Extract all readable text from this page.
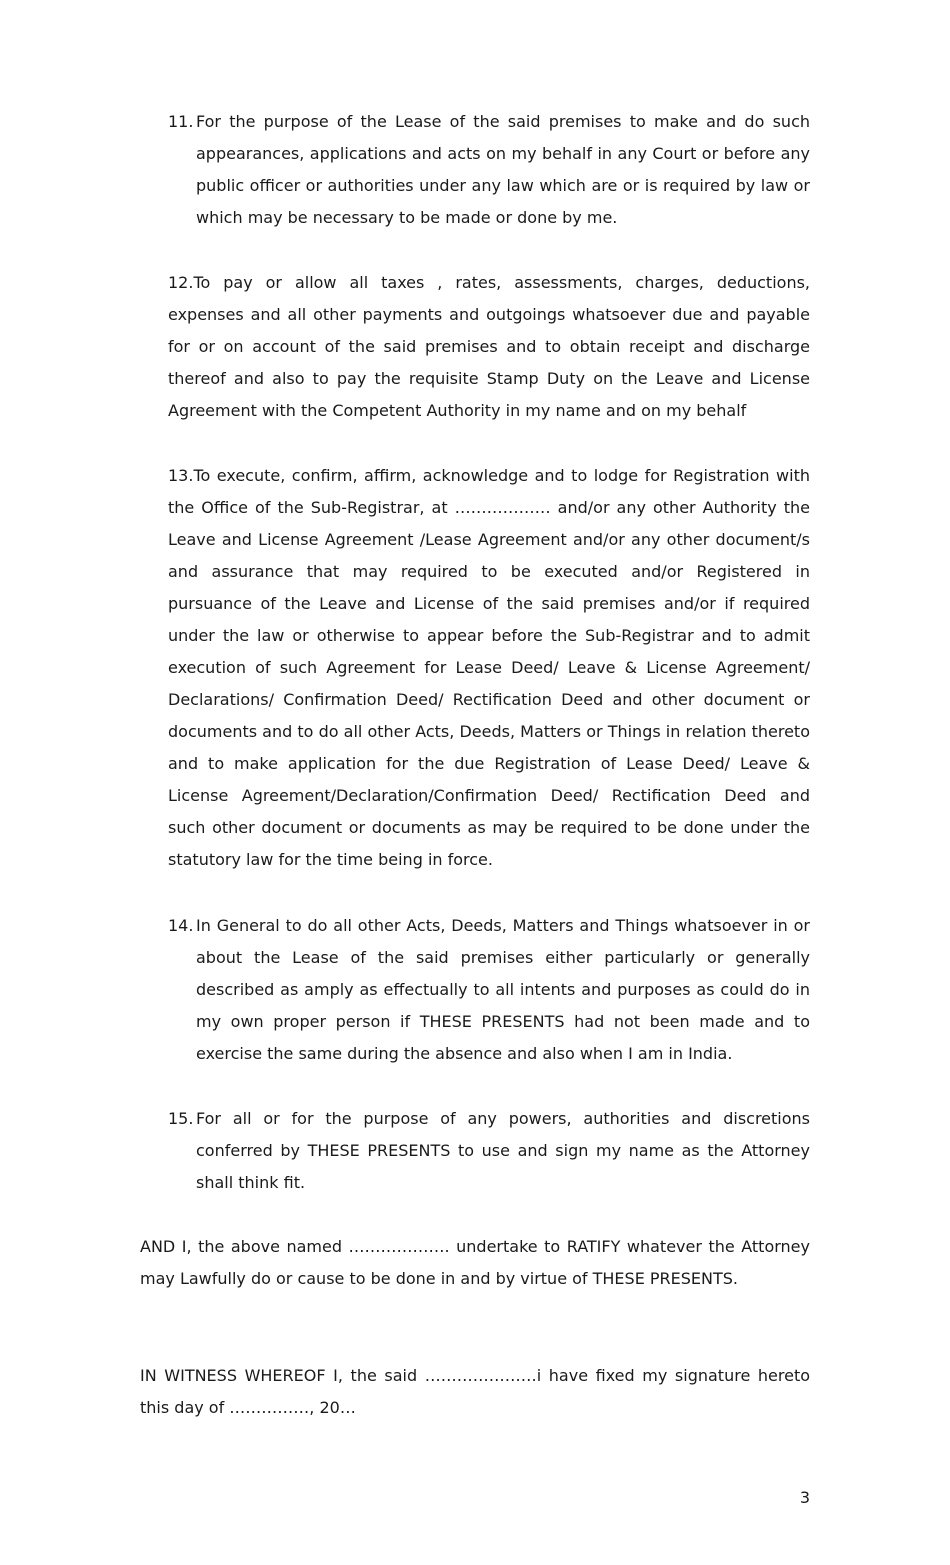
11. For the purpose of the Lease of the said premises to make and do such appearances, applications and acts on my behalf in any Court or before any public officer or authorities under any law which are or is required by law or which may be necessary to be made or done by me.
12.To pay or allow all taxes , rates, assessments, charges, deductions, expenses and all other payments and outgoings whatsoever due and payable for or on account of the said premises and to obtain receipt and discharge thereof and also to pay the requisite Stamp Duty on the Leave and License Agreement with the Competent Authority in my name and on my behalf
13.To execute, confirm, affirm, acknowledge and to lodge for Registration with the Office of the Sub-Registrar, at ……………… and/or any other Authority the Leave and License Agreement /Lease Agreement and/or any other document/s and assurance that may required to be executed and/or Registered in pursuance of the Leave and License of the said premises and/or if required under the law or otherwise to appear before the Sub-Registrar and to admit execution of such Agreement for Lease Deed/ Leave & License Agreement/ Declarations/ Confirmation Deed/ Rectification Deed and other document or documents and to do all other Acts, Deeds, Matters or Things in relation thereto and to make application for the due Registration of Lease Deed/ Leave & License Agreement/Declaration/Confirmation Deed/ Rectification Deed and such other document or documents as may be required to be done under the statutory law for the time being in force.
14. In General to do all other Acts, Deeds, Matters and Things whatsoever in or about the Lease of the said premises either particularly or generally described as amply as effectually to all intents and purposes as could do in my own proper person if THESE PRESENTS had not been made and to exercise the same during the absence and also when I am in India.
15. For all or for the purpose of any powers, authorities and discretions conferred by THESE PRESENTS to use and sign my name as the Attorney shall think fit.
AND I, the above named ………………. undertake to RATIFY whatever the Attorney may Lawfully do or cause to be done in and by virtue of THESE PRESENTS.
IN WITNESS WHEREOF I, the said …………………i have fixed my signature hereto this day of ……………, 20…
3
